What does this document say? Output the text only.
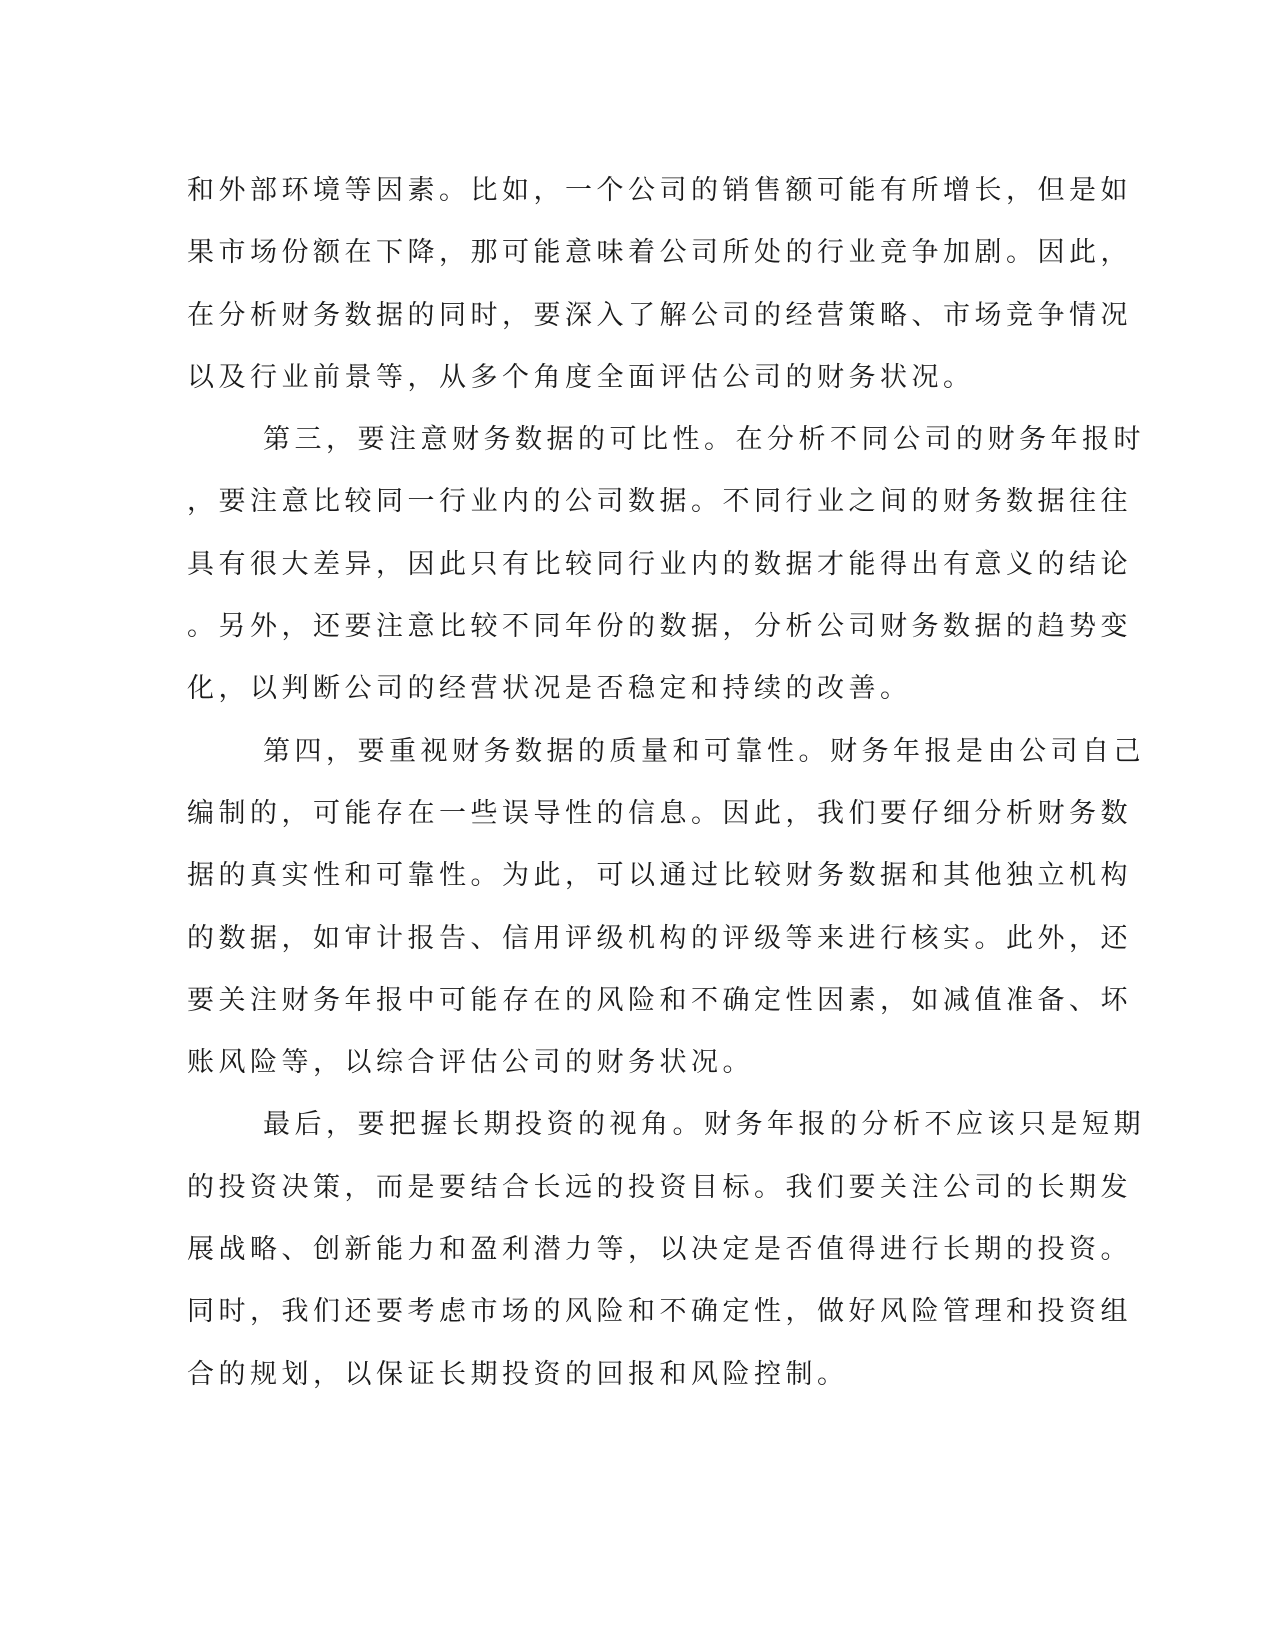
和外部环境等因素。比如，一个公司的销售额可能有所增长，但是如
果市场份额在下降，那可能意味着公司所处的行业竞争加剧。因此，
在分析财务数据的同时，要深入了解公司的经营策略、市场竞争情况
以及行业前景等，从多个角度全面评估公司的财务状况。
第三，要注意财务数据的可比性。在分析不同公司的财务年报时
，要注意比较同一行业内的公司数据。不同行业之间的财务数据往往
具有很大差异，因此只有比较同行业内的数据才能得出有意义的结论
。另外，还要注意比较不同年份的数据，分析公司财务数据的趋势变
化，以判断公司的经营状况是否稳定和持续的改善。
第四，要重视财务数据的质量和可靠性。财务年报是由公司自己
编制的，可能存在一些误导性的信息。因此，我们要仔细分析财务数
据的真实性和可靠性。为此，可以通过比较财务数据和其他独立机构
的数据，如审计报告、信用评级机构的评级等来进行核实。此外，还
要关注财务年报中可能存在的风险和不确定性因素，如减值准备、坏
账风险等，以综合评估公司的财务状况。
最后，要把握长期投资的视角。财务年报的分析不应该只是短期
的投资决策，而是要结合长远的投资目标。我们要关注公司的长期发
展战略、创新能力和盈利潜力等，以决定是否值得进行长期的投资。
同时，我们还要考虑市场的风险和不确定性，做好风险管理和投资组
合的规划，以保证长期投资的回报和风险控制。
